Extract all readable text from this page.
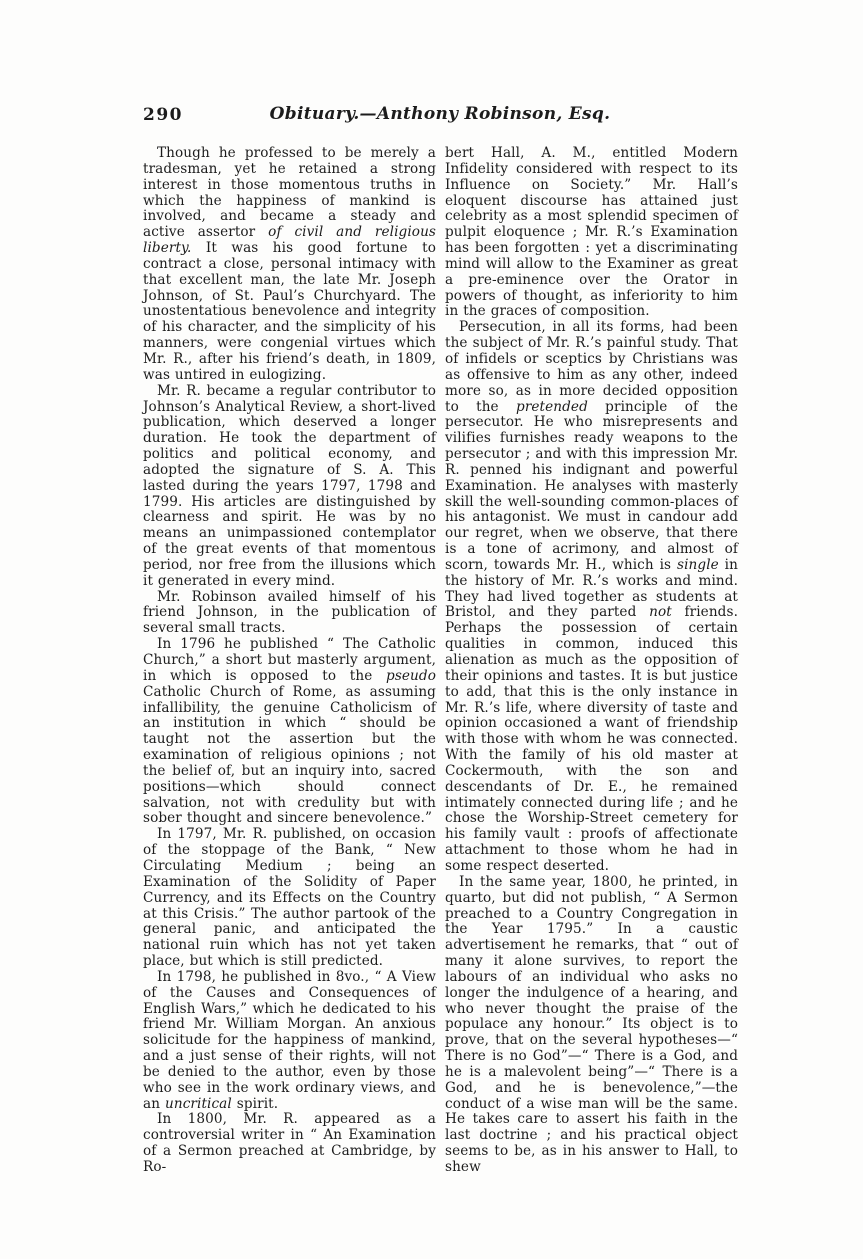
290	Obituary.—Anthony Robinson, Esq.

Though he professed to be merely a tradesman, yet he retained a strong interest in those momentous truths in which the happiness of mankind is involved, and became a steady and active assertor of civil and religious liberty. It was his good fortune to contract a close, personal intimacy with that excellent man, the late Mr. Joseph Johnson, of St. Paul’s Churchyard. The unostentatious benevolence and integrity of his character, and the simplicity of his manners, were congenial virtues which Mr. R., after his friend’s death, in 1809, was untired in eulogizing.

Mr. R. became a regular contributor to Johnson’s Analytical Review, a short-lived publication, which deserved a longer duration. He took the department of politics and political economy, and adopted the signature of S. A. This lasted during the years 1797, 1798 and 1799. His articles are distinguished by clearness and spirit. He was by no means an unimpassioned contemplator of the great events of that momentous period, nor free from the illusions which it generated in every mind.

Mr. Robinson availed himself of his friend Johnson, in the publication of several small tracts.

In 1796 he published “ The Catholic Church,” a short but masterly argument, in which is opposed to the pseudo Catholic Church of Rome, as assuming infallibility, the genuine Catholicism of an institution in which “ should be taught not the assertion but the examination of religious opinions ; not the belief of, but an inquiry into, sacred positions—which should connect salvation, not with credulity but with sober thought and sincere benevolence.”

In 1797, Mr. R. published, on occasion of the stoppage of the Bank, “ New Circulating Medium ; being an Examination of the Solidity of Paper Currency, and its Effects on the Country at this Crisis.” The author partook of the general panic, and anticipated the national ruin which has not yet taken place, but which is still predicted.

In 1798, he published in 8vo., “ A View of the Causes and Consequences of English Wars,” which he dedicated to his friend Mr. William Morgan. An anxious solicitude for the happiness of mankind, and a just sense of their rights, will not be denied to the author, even by those who see in the work ordinary views, and an uncritical spirit.

In 1800, Mr. R. appeared as a controversial writer in “ An Examination of a Sermon preached at Cambridge, by Ro-

bert Hall, A. M., entitled Modern Infidelity considered with respect to its Influence on Society.” Mr. Hall’s eloquent discourse has attained just celebrity as a most splendid specimen of pulpit eloquence ; Mr. R.’s Examination has been forgotten : yet a discriminating mind will allow to the Examiner as great a pre-eminence over the Orator in powers of thought, as inferiority to him in the graces of composition.

Persecution, in all its forms, had been the subject of Mr. R.’s painful study. That of infidels or sceptics by Christians was as offensive to him as any other, indeed more so, as in more decided opposition to the pretended principle of the persecutor. He who misrepresents and vilifies furnishes ready weapons to the persecutor ; and with this impression Mr. R. penned his indignant and powerful Examination. He analyses with masterly skill the well-sounding common-places of his antagonist. We must in candour add our regret, when we observe, that there is a tone of acrimony, and almost of scorn, towards Mr. H., which is single in the history of Mr. R.’s works and mind. They had lived together as students at Bristol, and they parted not friends. Perhaps the possession of certain qualities in common, induced this alienation as much as the opposition of their opinions and tastes. It is but justice to add, that this is the only instance in Mr. R.’s life, where diversity of taste and opinion occasioned a want of friendship with those with whom he was connected. With the family of his old master at Cockermouth, with the son and descendants of Dr. E., he remained intimately connected during life ; and he chose the Worship-Street cemetery for his family vault : proofs of affectionate attachment to those whom he had in some respect deserted.

In the same year, 1800, he printed, in quarto, but did not publish, “ A Sermon preached to a Country Congregation in the Year 1795.” In a caustic advertisement he remarks, that “ out of many it alone survives, to report the labours of an individual who asks no longer the indulgence of a hearing, and who never thought the praise of the populace any honour.” Its object is to prove, that on the several hypotheses—“ There is no God”—“ There is a God, and he is a malevolent being”—“ There is a God, and he is benevolence,”—the conduct of a wise man will be the same. He takes care to assert his faith in the last doctrine ; and his practical object seems to be, as in his answer to Hall, to shew
